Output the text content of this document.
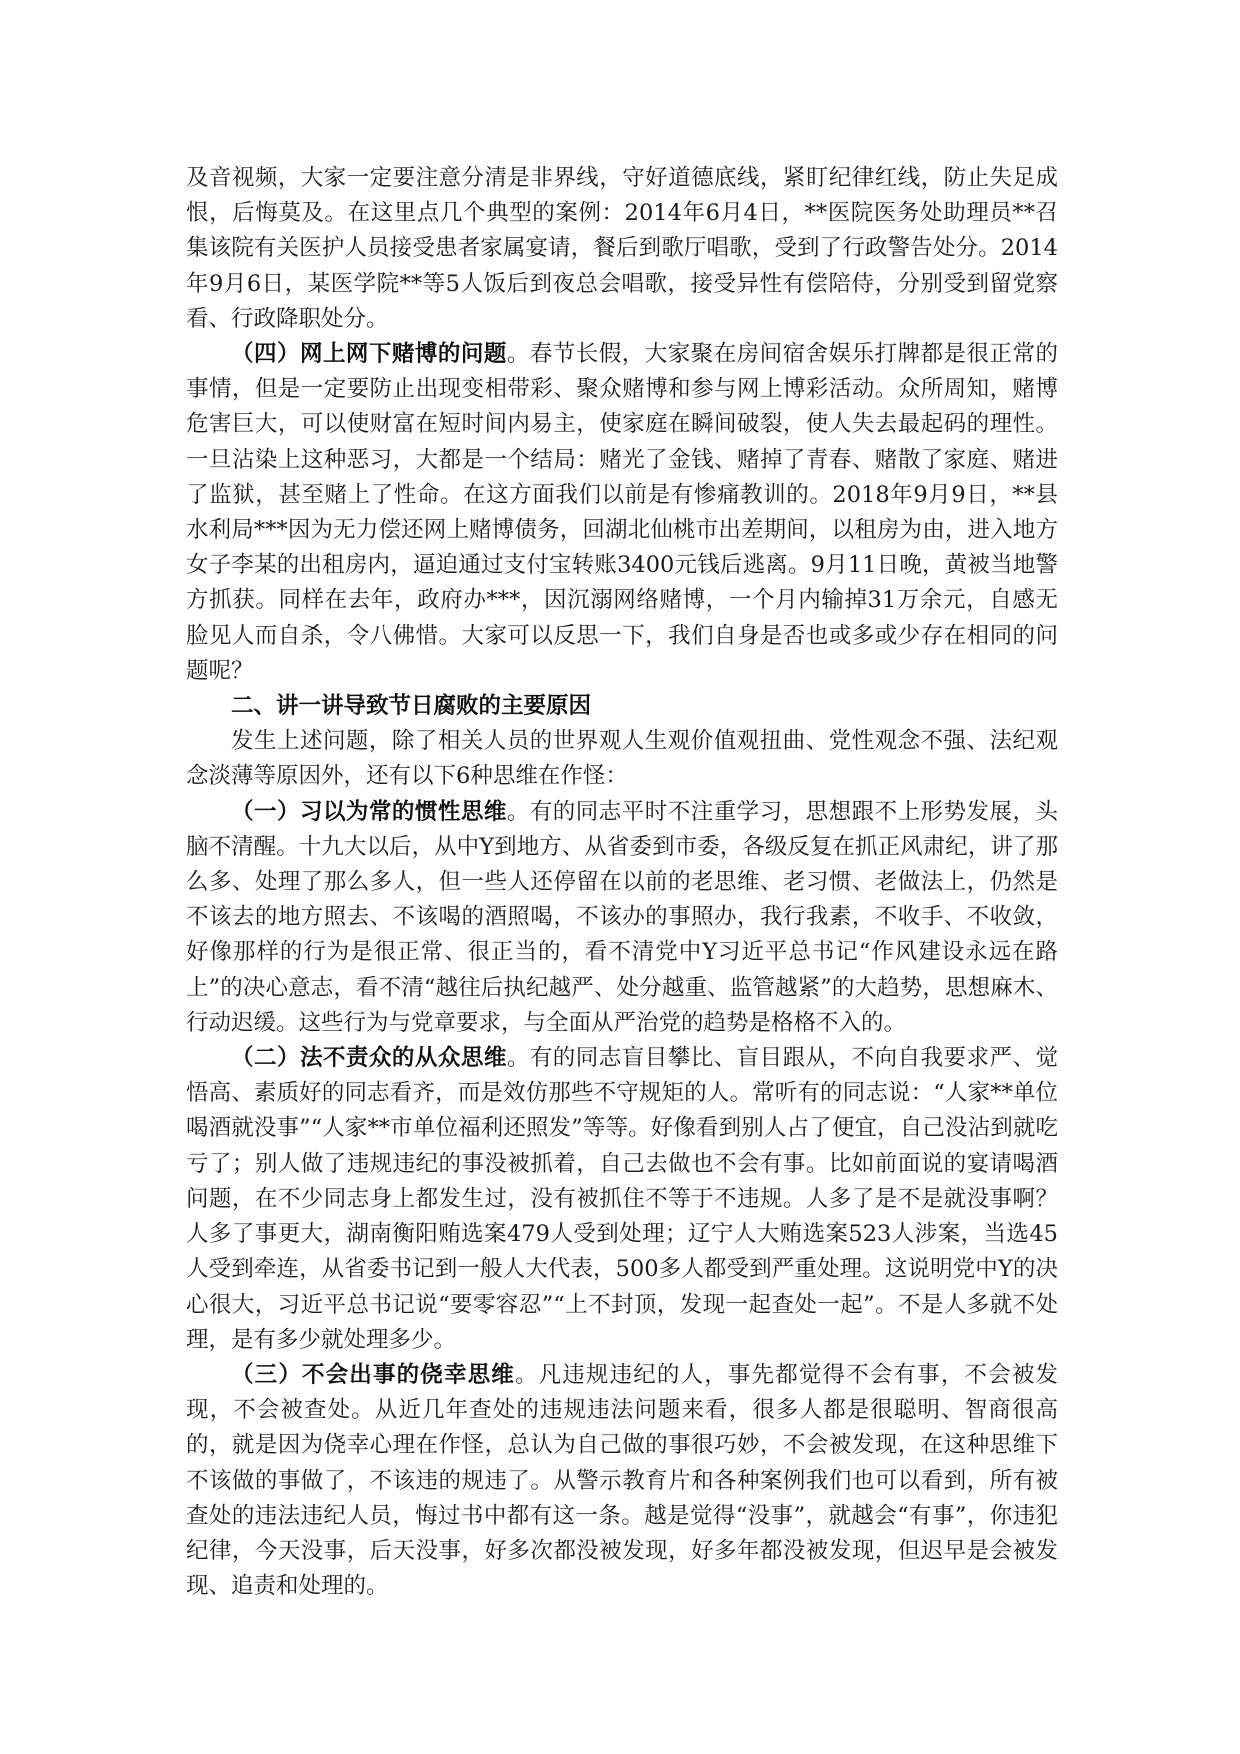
及音视频，大家一定要注意分清是非界线，守好道德底线，紧盯纪律红线，防止失足成恨，后悔莫及。在这里点几个典型的案例：2014年6月4日，**医院医务处助理员**召集该院有关医护人员接受患者家属宴请，餐后到歌厅唱歌，受到了行政警告处分。2014年9月6日，某医学院**等5人饭后到夜总会唱歌，接受异性有偿陪侍，分别受到留党察看、行政降职处分。

（四）网上网下赌博的问题。春节长假，大家聚在房间宿舍娱乐打牌都是很正常的事情，但是一定要防止出现变相带彩、聚众赌博和参与网上博彩活动。众所周知，赌博危害巨大，可以使财富在短时间内易主，使家庭在瞬间破裂，使人失去最起码的理性。一旦沾染上这种恶习，大都是一个结局：赌光了金钱、赌掉了青春、赌散了家庭、赌进了监狱，甚至赌上了性命。在这方面我们以前是有惨痛教训的。2018年9月9日，**县水利局***因为无力偿还网上赌博债务，回湖北仙桃市出差期间，以租房为由，进入地方女子李某的出租房内，逼迫通过支付宝转账3400元钱后逃离。9月11日晚，黄被当地警方抓获。同样在去年，政府办***，因沉溺网络赌博，一个月内输掉31万余元，自感无脸见人而自杀，令八佛惜。大家可以反思一下，我们自身是否也或多或少存在相同的问题呢？

二、讲一讲导致节日腐败的主要原因

发生上述问题，除了相关人员的世界观人生观价值观扭曲、党性观念不强、法纪观念淡薄等原因外，还有以下6种思维在作怪：

（一）习以为常的惯性思维。有的同志平时不注重学习，思想跟不上形势发展，头脑不清醒。十九大以后，从中Y到地方、从省委到市委，各级反复在抓正风肃纪，讲了那么多、处理了那么多人，但一些人还停留在以前的老思维、老习惯、老做法上，仍然是不该去的地方照去、不该喝的酒照喝，不该办的事照办，我行我素，不收手、不收敛，好像那样的行为是很正常、很正当的，看不清党中Y习近平总书记“作风建设永远在路上”的决心意志，看不清“越往后执纪越严、处分越重、监管越紧”的大趋势，思想麻木、行动迟缓。这些行为与党章要求，与全面从严治党的趋势是格格不入的。

（二）法不责众的从众思维。有的同志盲目攀比、盲目跟从，不向自我要求严、觉悟高、素质好的同志看齐，而是效仿那些不守规矩的人。常听有的同志说：“人家**单位喝酒就没事”“人家**市单位福利还照发”等等。好像看到别人占了便宜，自己没沾到就吃亏了；别人做了违规违纪的事没被抓着，自己去做也不会有事。比如前面说的宴请喝酒问题，在不少同志身上都发生过，没有被抓住不等于不违规。人多了是不是就没事啊？人多了事更大，湖南衡阳贿选案479人受到处理；辽宁人大贿选案523人涉案，当选45人受到牵连，从省委书记到一般人大代表，500多人都受到严重处理。这说明党中Y的决心很大，习近平总书记说“要零容忍”“上不封顶，发现一起查处一起”。不是人多就不处理，是有多少就处理多少。

（三）不会出事的侥幸思维。凡违规违纪的人，事先都觉得不会有事，不会被发现，不会被查处。从近几年查处的违规违法问题来看，很多人都是很聪明、智商很高的，就是因为侥幸心理在作怪，总认为自己做的事很巧妙，不会被发现，在这种思维下不该做的事做了，不该违的规违了。从警示教育片和各种案例我们也可以看到，所有被查处的违法违纪人员，悔过书中都有这一条。越是觉得“没事”，就越会“有事”，你违犯纪律，今天没事，后天没事，好多次都没被发现，好多年都没被发现，但迟早是会被发现、追责和处理的。
